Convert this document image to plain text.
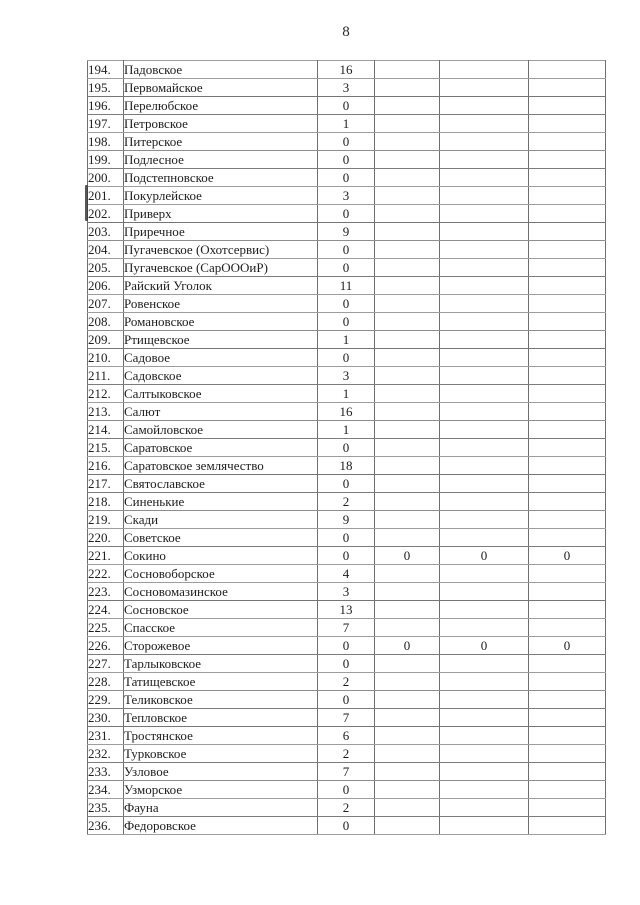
8
194.	Падовское	16			
195.	Первомайское	3			
196.	Перелюбское	0			
197.	Петровское	1			
198.	Питерское	0			
199.	Подлесное	0			
200.	Подстепновское	0			
201.	Покурлейское	3			
202.	Приверх	0			
203.	Приречное	9			
204.	Пугачевское (Охотсервис)	0			
205.	Пугачевское (СарОООиР)	0			
206.	Райский Уголок	11			
207.	Ровенское	0			
208.	Романовское	0			
209.	Ртищевское	1			
210.	Садовое	0			
211.	Садовское	3			
212.	Салтыковское	1			
213.	Салют	16			
214.	Самойловское	1			
215.	Саратовское	0			
216.	Саратовское землячество	18			
217.	Святославское	0			
218.	Синенькие	2			
219.	Скади	9			
220.	Советское	0			
221.	Сокино	0	0	0	0
222.	Сосновоборское	4			
223.	Сосновомазинское	3			
224.	Сосновское	13			
225.	Спасское	7			
226.	Сторожевое	0	0	0	0
227.	Тарлыковское	0			
228.	Татищевское	2			
229.	Теликовское	0			
230.	Тепловское	7			
231.	Тростянское	6			
232.	Турковское	2			
233.	Узловое	7			
234.	Узморское	0			
235.	Фауна	2			
236.	Федоровское	0			
